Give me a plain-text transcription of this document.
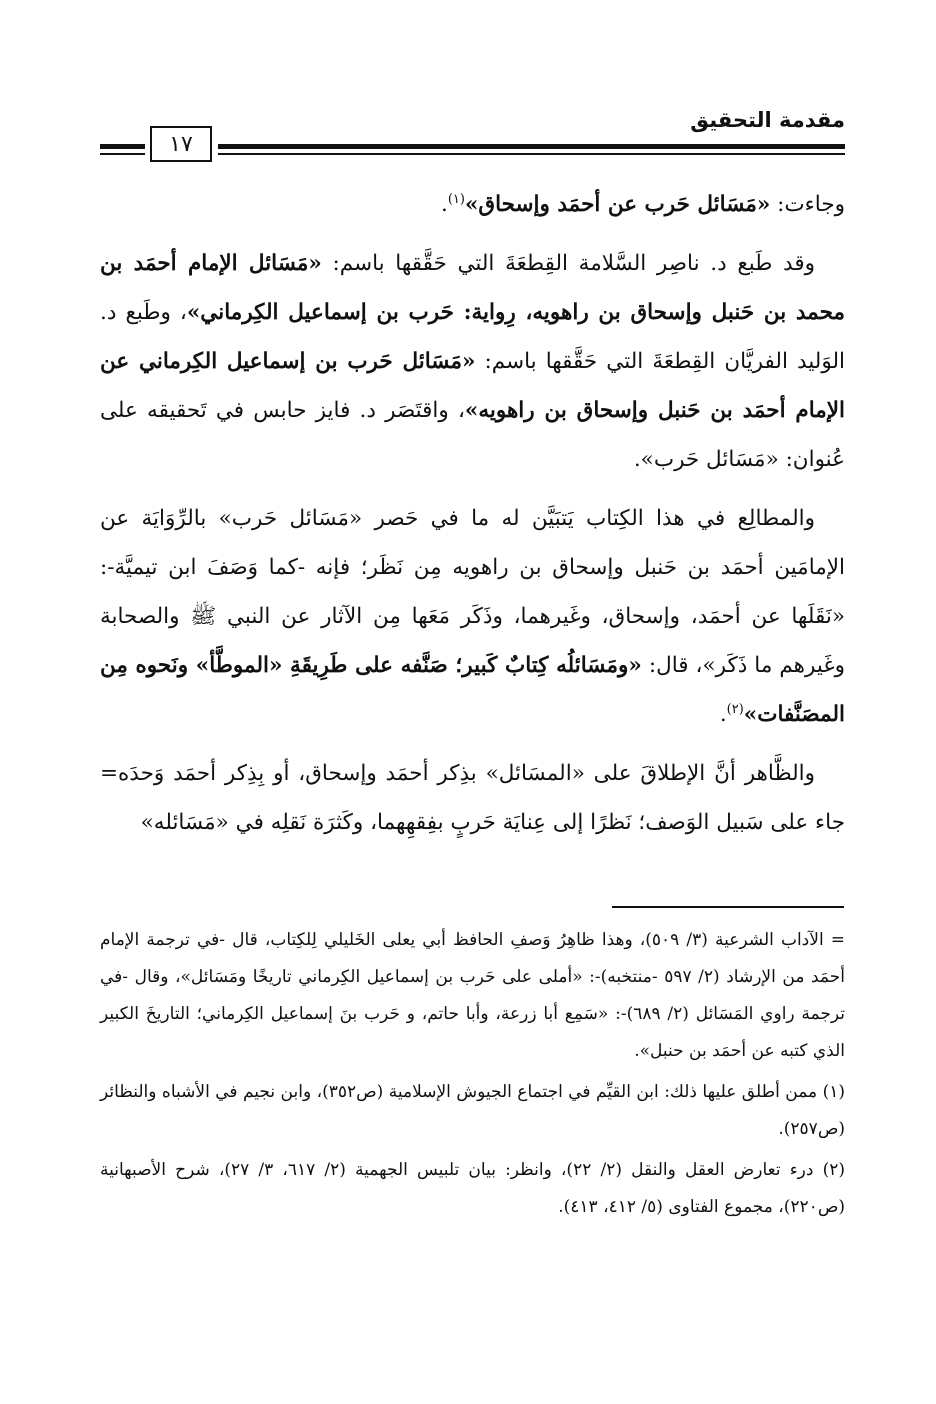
١٧
مقدمة التحقيق

وجاءت: «مَسَائل حَرب عن أحمَد وإسحاق»$^{(١)}$.

وقد طَبع د. ناصِر السَّلامة القِطعَةَ التي حَقَّقها باسم: «مَسَائل الإمام أحمَد بن محمد بن حَنبل وإسحاق بن راهويه، رِواية: حَرب بن إسماعيل الكِرماني»، وطَبع د. الوَليد الفريَّان القِطعَةَ التي حَقَّقها باسم: «مَسَائل حَرب بن إسماعيل الكِرماني عن الإمام أحمَد بن حَنبل وإسحاق بن راهويه»، واقتَصَر د. فايز حابس في تَحقيقه على عُنوان: «مَسَائل حَرب».

والمطالِع في هذا الكِتاب يَتبَيَّن له ما في حَصر «مَسَائل حَرب» بالرِّوَايَة عن الإمامَين أحمَد بن حَنبل وإسحاق بن راهويه مِن نَظَر؛ فإنه -كما وَصَفَ ابن تيميَّة-: «نَقَلَها عن أحمَد، وإسحاق، وغَيرهما، وذَكَر مَعَها مِن الآثار عن النبي ﷺ والصحابة وغَيرهم ما ذَكَر»، قال: «ومَسَائلُه كِتابٌ كَبير؛ صَنَّفه على طَرِيقَةِ «الموطَّأ» ونَحوه مِن المصَنَّفات»$^{(٢)}$.

والظَّاهر أنَّ الإطلاقَ على «المسَائل» بذِكر أحمَد وإسحاق، أو بِذِكر أحمَد وَحدَه= جاء على سَبيل الوَصف؛ نَظرًا إلى عِنايَة حَربٍ بفِقهِهما، وكَثرَة نَقلِه في «مَسَائله»

= الآداب الشرعية (٣/ ٥٠٩)، وهذا ظاهِرُ وَصفِ الحافظ أبي يعلى الخَليلي لِلكِتاب، قال -في ترجمة الإمام أحمَد من الإرشاد (٢/ ٥٩٧ -منتخبه)-: «أملى على حَرب بن إسماعيل الكِرماني تاريخًا ومَسَائل»، وقال -في ترجمة راوي المَسَائل (٢/ ٦٨٩)-: «سَمِع أبا زرعة، وأبا حاتم، و حَرب بنَ إسماعيل الكِرماني؛ التاريخَ الكبير الذي كتبه عن أحمَد بن حنبل».

(١) ممن أطلق عليها ذلك: ابن القيِّم في اجتماع الجيوش الإسلامية (ص٣٥٢)، وابن نجيم في الأشباه والنظائر (ص٢٥٧).

(٢) درء تعارض العقل والنقل (٢/ ٢٢)، وانظر: بيان تلبيس الجهمية (٢/ ٦١٧، ٣/ ٢٧)، شرح الأصبهانية (ص٢٢٠)، مجموع الفتاوى (٥/ ٤١٢، ٤١٣).
